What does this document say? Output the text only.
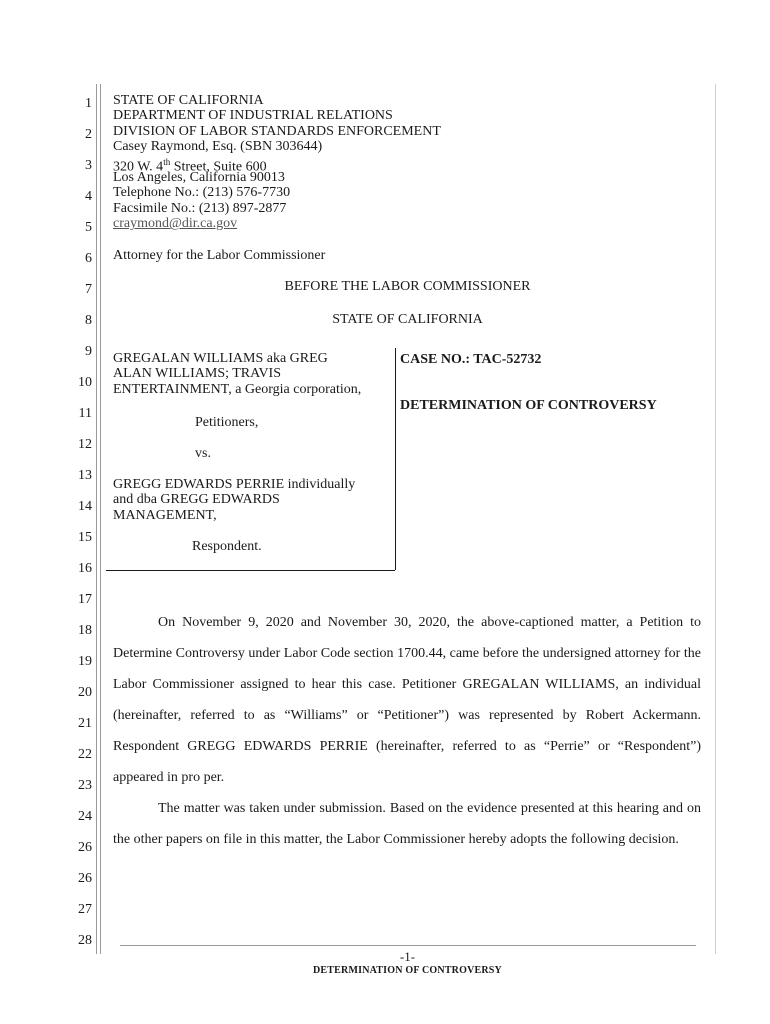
1
2
3
4
5
6
7
8
9
10
11
12
13
14
15
16
17
18
19
20
21
22
23
24
26
26
27
28
STATE OF CALIFORNIA
DEPARTMENT OF INDUSTRIAL RELATIONS
DIVISION OF LABOR STANDARDS ENFORCEMENT
Casey Raymond, Esq. (SBN 303644)
320 W. 4th Street, Suite 600
Los Angeles, California 90013
Telephone No.: (213) 576-7730
Facsimile No.: (213) 897-2877
craymond@dir.ca.gov
Attorney for the Labor Commissioner
BEFORE THE LABOR COMMISSIONER
STATE OF CALIFORNIA
GREGALAN WILLIAMS aka GREG
ALAN WILLIAMS; TRAVIS
ENTERTAINMENT, a Georgia corporation,
Petitioners,
vs.
GREGG EDWARDS PERRIE individually
and dba GREGG EDWARDS
MANAGEMENT,
Respondent.
CASE NO.: TAC-52732
DETERMINATION OF CONTROVERSY

On November 9, 2020 and November 30, 2020, the above-captioned matter, a Petition to Determine Controversy under Labor Code section 1700.44, came before the undersigned attorney for the Labor Commissioner assigned to hear this case. Petitioner GREGALAN WILLIAMS, an individual (hereinafter, referred to as “Williams” or “Petitioner”) was represented by Robert Ackermann. Respondent GREGG EDWARDS PERRIE (hereinafter, referred to as “Perrie” or “Respondent”) appeared in pro per.

The matter was taken under submission. Based on the evidence presented at this hearing and on the other papers on file in this matter, the Labor Commissioner hereby adopts the following decision.

-1-
DETERMINATION OF CONTROVERSY
